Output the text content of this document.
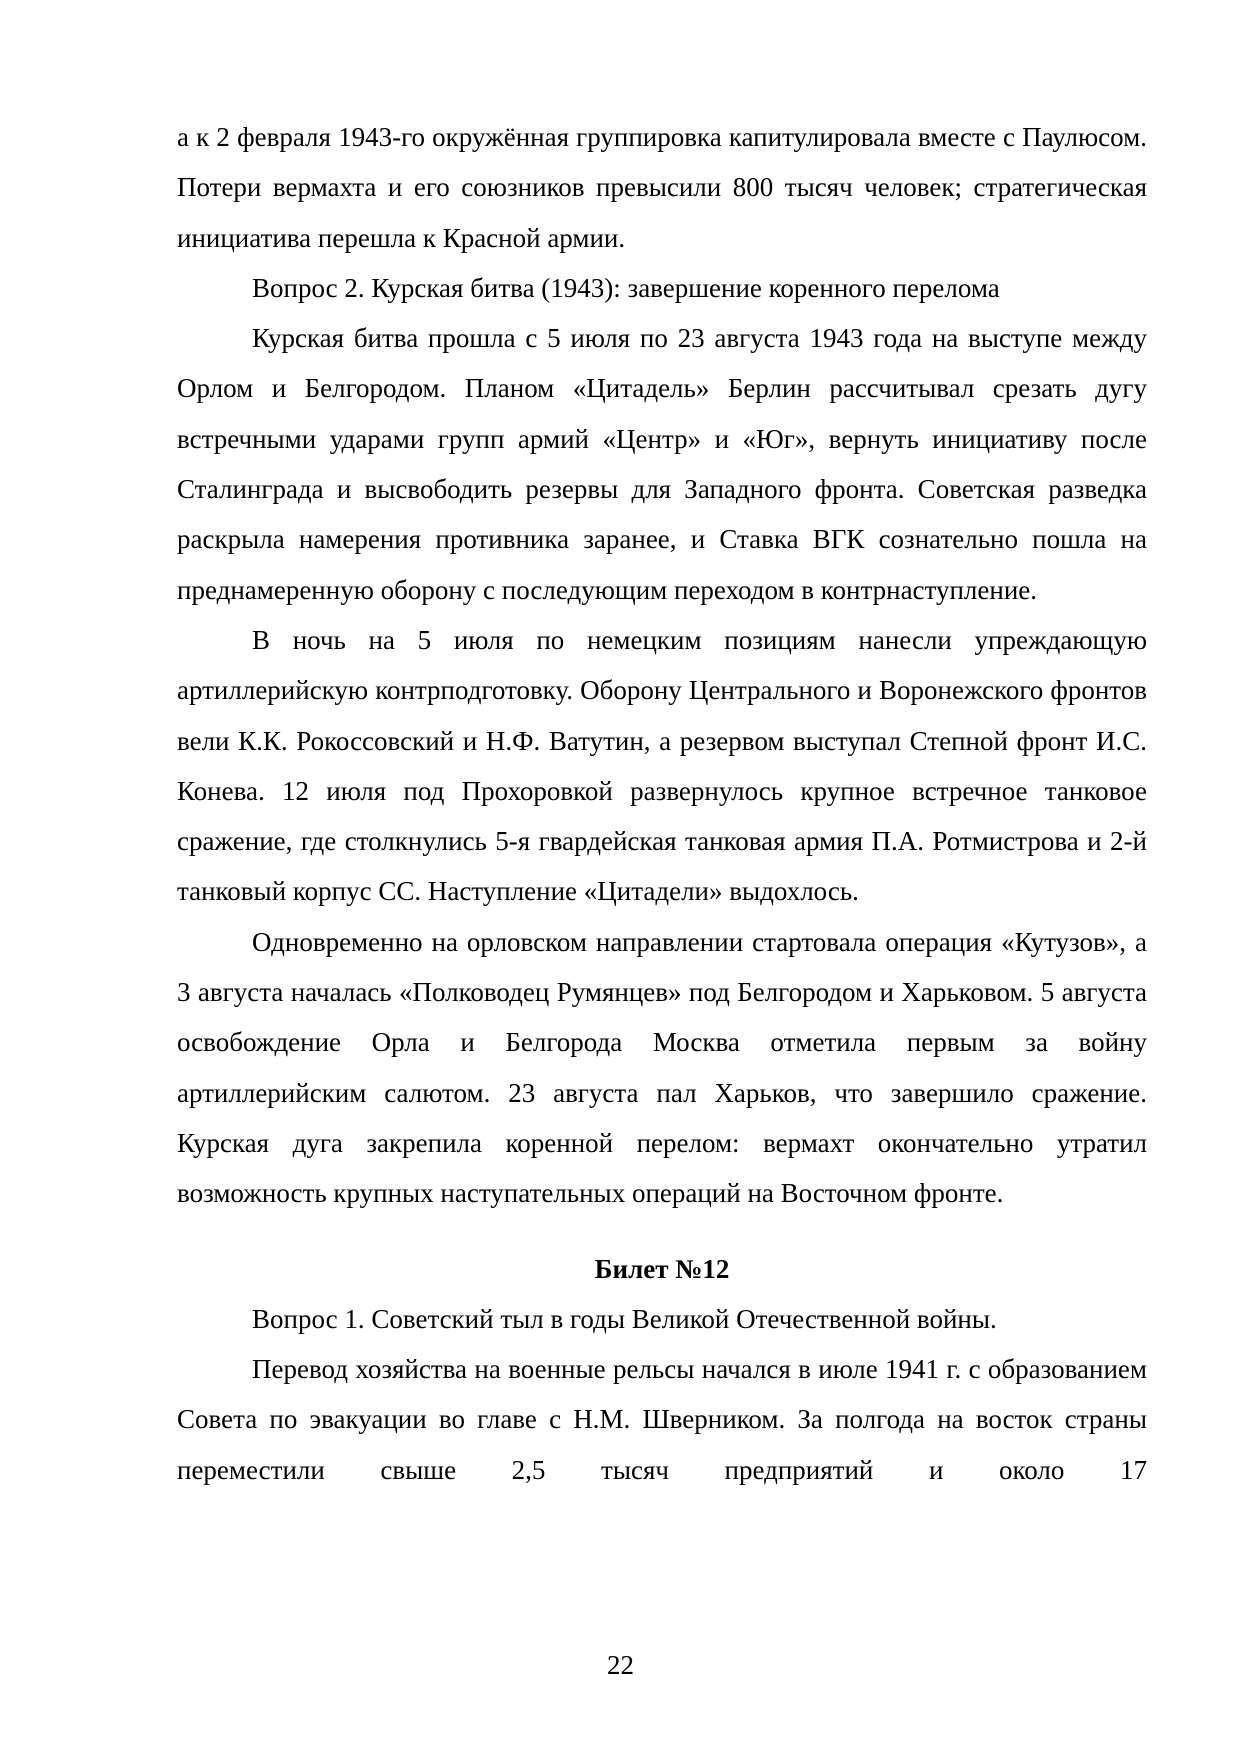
а к 2 февраля 1943-го окружённая группировка капитулировала вместе с Паулюсом. Потери вермахта и его союзников превысили 800 тысяч человек; стратегическая инициатива перешла к Красной армии.

Вопрос 2. Курская битва (1943): завершение коренного перелома

Курская битва прошла с 5 июля по 23 августа 1943 года на выступе между Орлом и Белгородом. Планом «Цитадель» Берлин рассчитывал срезать дугу встречными ударами групп армий «Центр» и «Юг», вернуть инициативу после Сталинграда и высвободить резервы для Западного фронта. Советская разведка раскрыла намерения противника заранее, и Ставка ВГК сознательно пошла на преднамеренную оборону с последующим переходом в контрнаступление.

В ночь на 5 июля по немецким позициям нанесли упреждающую артиллерийскую контрподготовку. Оборону Центрального и Воронежского фронтов вели К.К. Рокоссовский и Н.Ф. Ватутин, а резервом выступал Степной фронт И.С. Конева. 12 июля под Прохоровкой развернулось крупное встречное танковое сражение, где столкнулись 5-я гвардейская танковая армия П.А. Ротмистрова и 2-й танковый корпус СС. Наступление «Цитадели» выдохлось.

Одновременно на орловском направлении стартовала операция «Кутузов», а 3 августа началась «Полководец Румянцев» под Белгородом и Харьковом. 5 августа освобождение Орла и Белгорода Москва отметила первым за войну артиллерийским салютом. 23 августа пал Харьков, что завершило сражение. Курская дуга закрепила коренной перелом: вермахт окончательно утратил возможность крупных наступательных операций на Восточном фронте.

Билет №12

Вопрос 1. Советский тыл в годы Великой Отечественной войны.

Перевод хозяйства на военные рельсы начался в июле 1941 г. с образованием Совета по эвакуации во главе с Н.М. Шверником. За полгода на восток страны переместили свыше 2,5 тысяч предприятий и около 17

22
